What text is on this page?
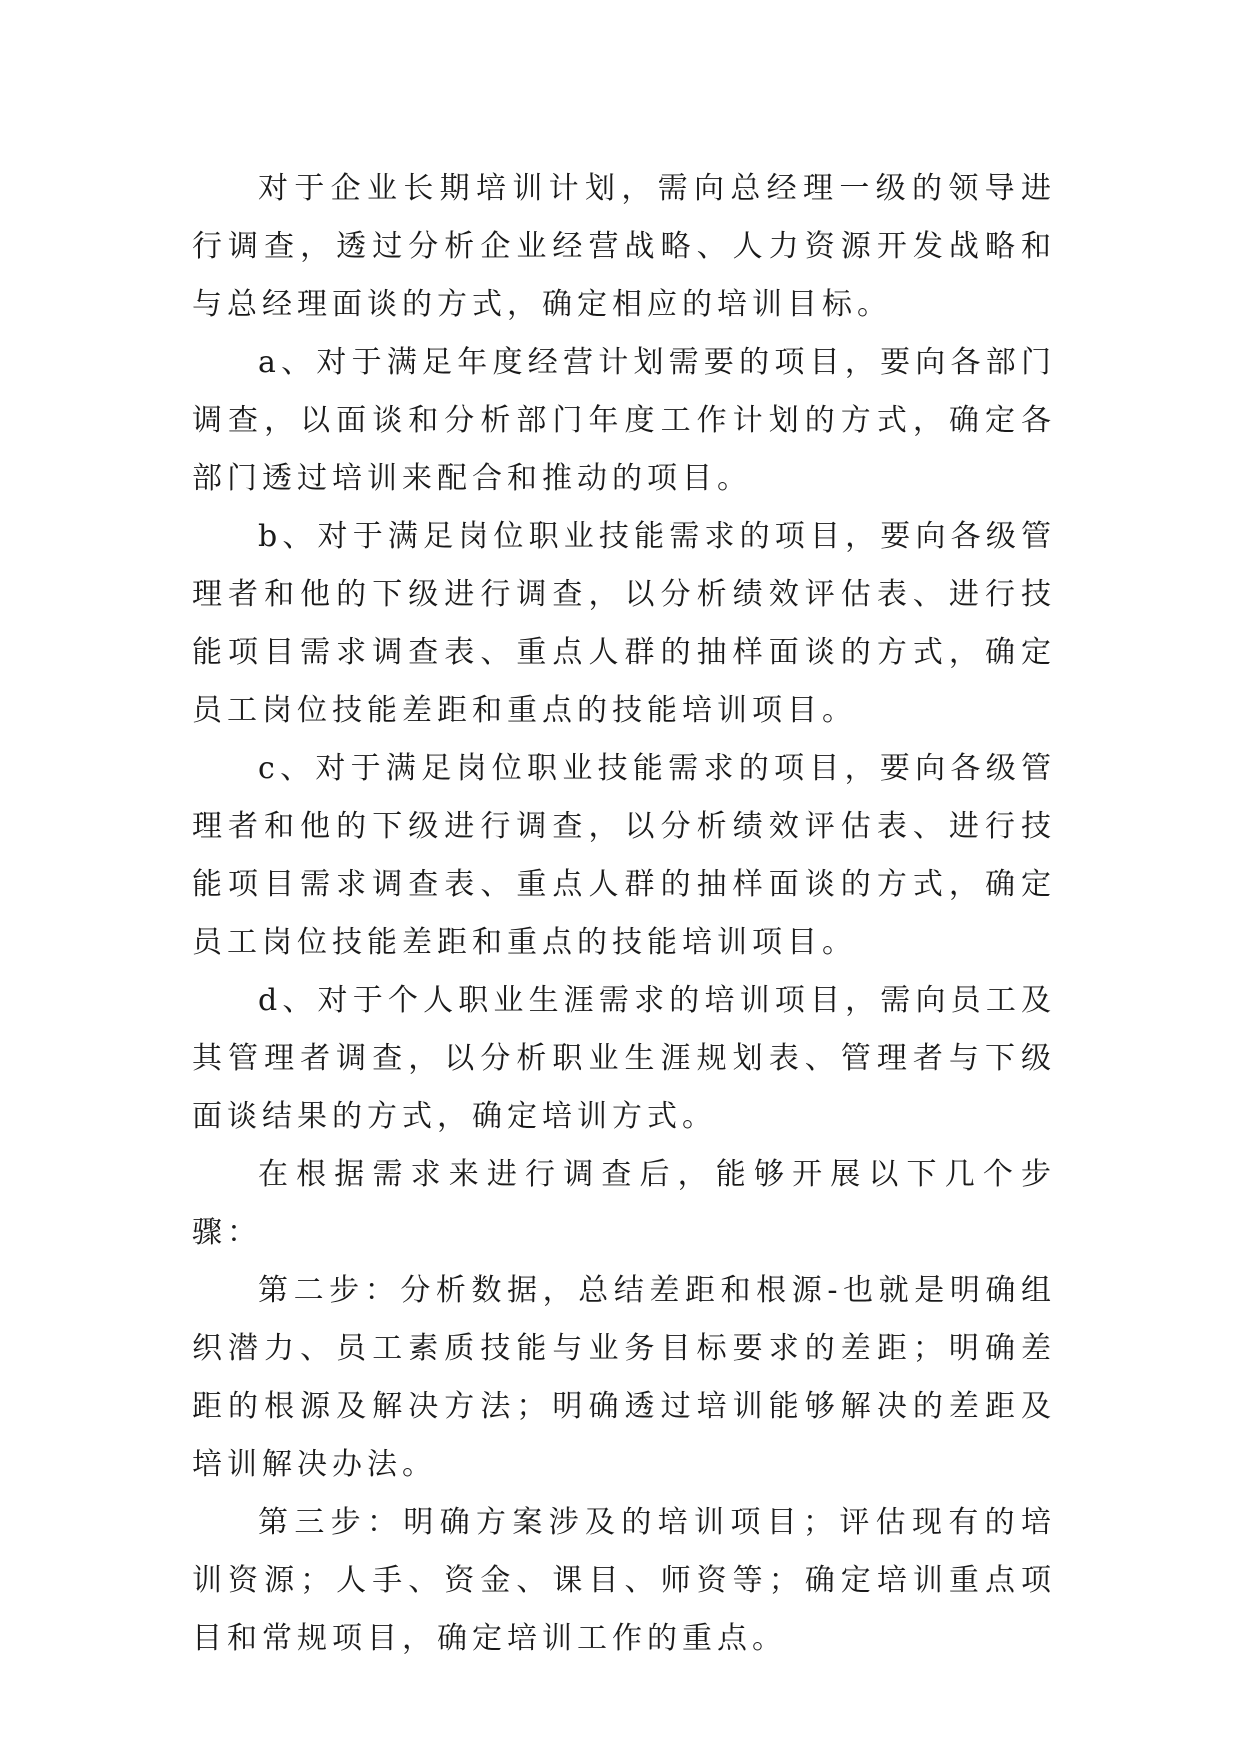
对于企业长期培训计划，需向总经理一级的领导进行调查，透过分析企业经营战略、人力资源开发战略和与总经理面谈的方式，确定相应的培训目标。

a、对于满足年度经营计划需要的项目，要向各部门调查，以面谈和分析部门年度工作计划的方式，确定各部门透过培训来配合和推动的项目。

b、对于满足岗位职业技能需求的项目，要向各级管理者和他的下级进行调查，以分析绩效评估表、进行技能项目需求调查表、重点人群的抽样面谈的方式，确定员工岗位技能差距和重点的技能培训项目。

c、对于满足岗位职业技能需求的项目，要向各级管理者和他的下级进行调查，以分析绩效评估表、进行技能项目需求调查表、重点人群的抽样面谈的方式，确定员工岗位技能差距和重点的技能培训项目。

d、对于个人职业生涯需求的培训项目，需向员工及其管理者调查，以分析职业生涯规划表、管理者与下级面谈结果的方式，确定培训方式。

在根据需求来进行调查后，能够开展以下几个步骤：

第二步：分析数据，总结差距和根源-也就是明确组织潜力、员工素质技能与业务目标要求的差距；明确差距的根源及解决方法；明确透过培训能够解决的差距及培训解决办法。

第三步：明确方案涉及的培训项目；评估现有的培训资源；人手、资金、课目、师资等；确定培训重点项目和常规项目，确定培训工作的重点。
